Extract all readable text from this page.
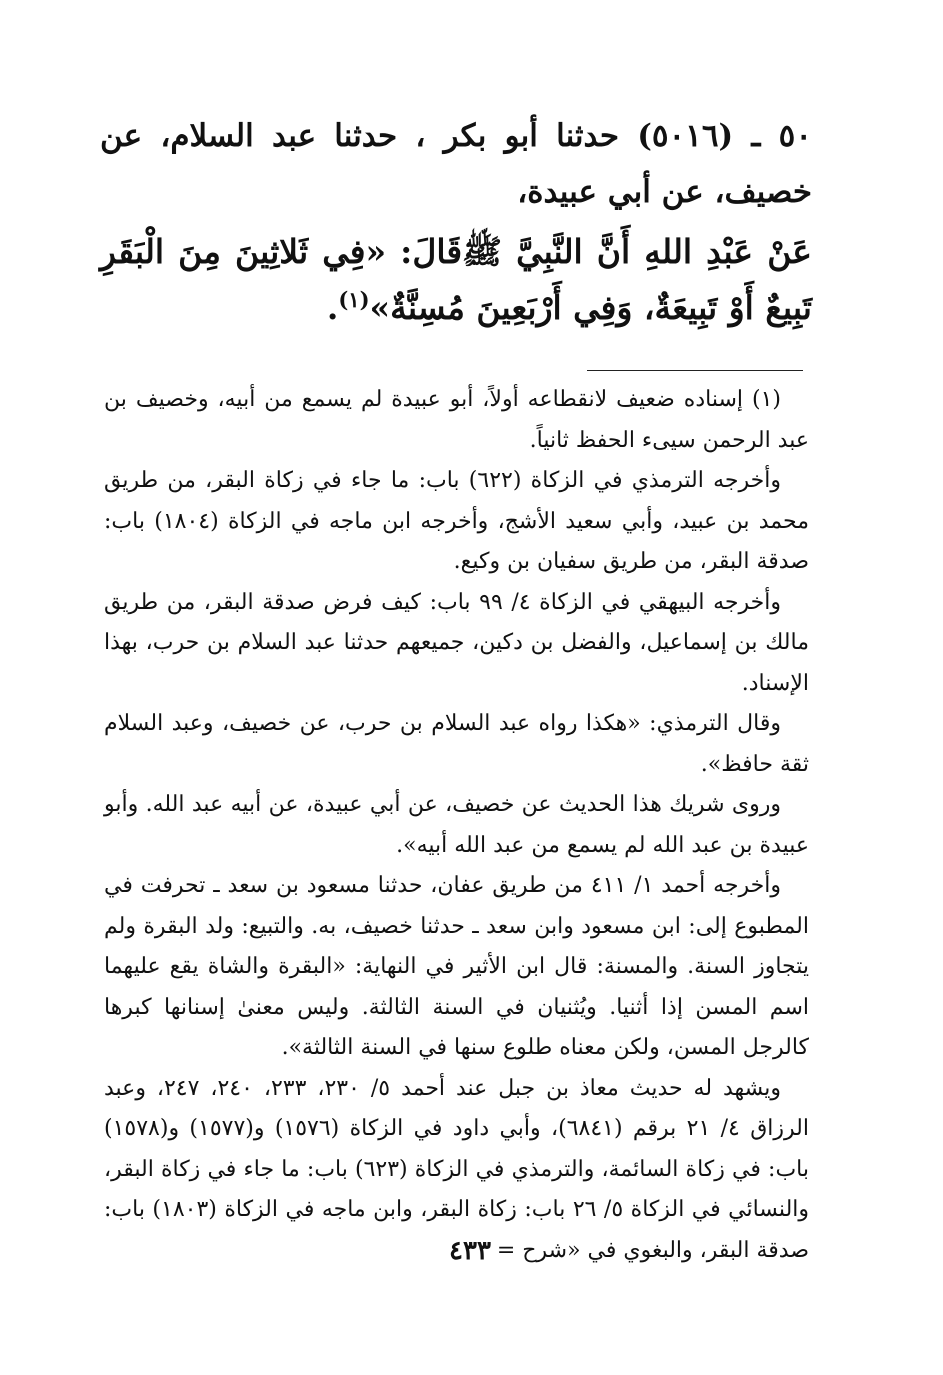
٥٠ ـ (٥٠١٦) حدثنا أبو بكر ، حدثنا عبد السلام، عن خصيف، عن أبي عبيدة،
عَنْ عَبْدِ اللهِ أَنَّ النَّبِيَّ ﷺقَالَ: «فِي ثَلاثِينَ مِنَ الْبَقَرِ تَبِيعٌ أَوْ تَبِيعَةٌ، وَفِي أَرْبَعِينَ مُسِنَّةٌ»$^{(١)}$.

(١) إسناده ضعيف لانقطاعه أولاً، أبو عبيدة لم يسمع من أبيه، وخصيف بن عبد الرحمن سيىء الحفظ ثانياً.

وأخرجه الترمذي في الزكاة (٦٢٢) باب: ما جاء في زكاة البقر، من طريق محمد بن عبيد، وأبي سعيد الأشج، وأخرجه ابن ماجه في الزكاة (١٨٠٤) باب: صدقة البقر، من طريق سفيان بن وكيع.

وأخرجه البيهقي في الزكاة ٤/ ٩٩ باب: كيف فرض صدقة البقر، من طريق مالك بن إسماعيل، والفضل بن دكين، جميعهم حدثنا عبد السلام بن حرب، بهذا الإسناد.

وقال الترمذي: «هكذا رواه عبد السلام بن حرب، عن خصيف، وعبد السلام ثقة حافظ».

وروى شريك هذا الحديث عن خصيف، عن أبي عبيدة، عن أبيه عبد الله. وأبو عبيدة بن عبد الله لم يسمع من عبد الله أبيه».

وأخرجه أحمد ١/ ٤١١ من طريق عفان، حدثنا مسعود بن سعد ـ تحرفت في المطبوع إلى: ابن مسعود وابن سعد ـ حدثنا خصيف، به. والتبيع: ولد البقرة ولم يتجاوز السنة. والمسنة: قال ابن الأثير في النهاية: «البقرة والشاة يقع عليهما اسم المسن إذا أثنيا. ويُثنيان في السنة الثالثة. وليس معنىٰ إسنانها كبرها كالرجل المسن، ولكن معناه طلوع سنها في السنة الثالثة».

ويشهد له حديث معاذ بن جبل عند أحمد ٥/ ٢٣٠، ٢٣٣، ٢٤٠، ٢٤٧، وعبد الرزاق ٤/ ٢١ برقم (٦٨٤١)، وأبي داود في الزكاة (١٥٧٦) و(١٥٧٧) و(١٥٧٨) باب: في زكاة السائمة، والترمذي في الزكاة (٦٢٣) باب: ما جاء في زكاة البقر، والنسائي في الزكاة ٥/ ٢٦ باب: زكاة البقر، وابن ماجه في الزكاة (١٨٠٣) باب: صدقة البقر، والبغوي في «شرح =

٤٣٣
